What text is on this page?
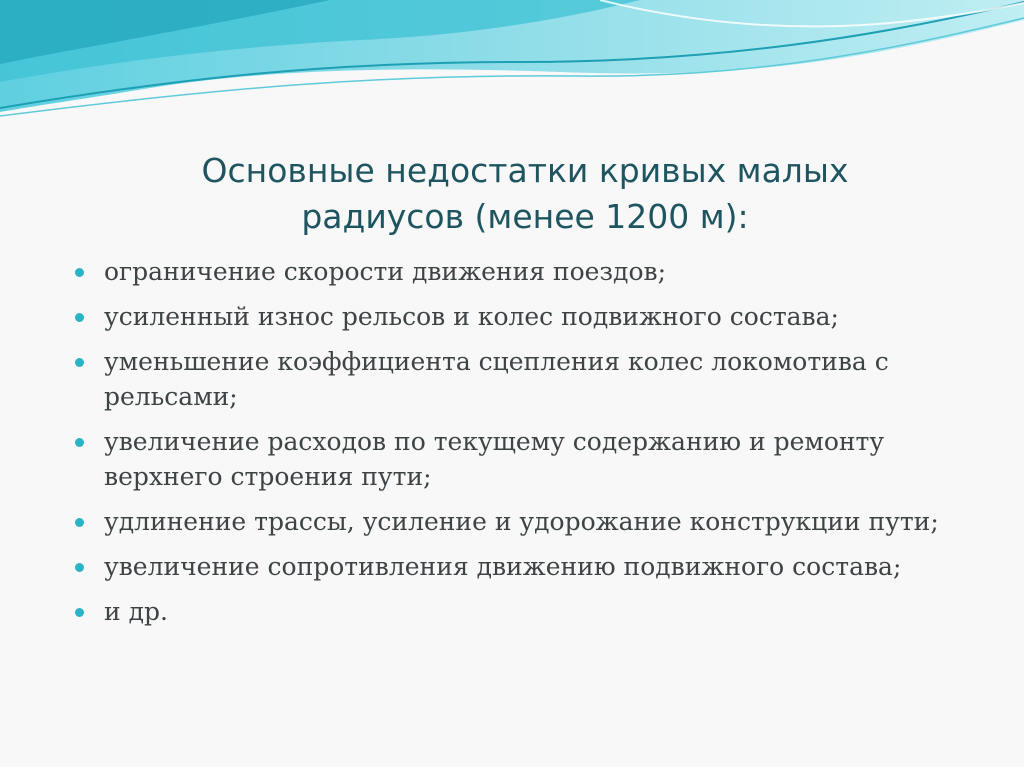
Основные недостатки кривых малых
радиусов (менее 1200 м):
ограничение скорости движения поездов;
усиленный износ рельсов и колес подвижного состава;
уменьшение коэффициента сцепления колес локомотива с рельсами;
увеличение расходов по текущему содержанию и ремонту верхнего строения пути;
удлинение трассы, усиление и удорожание конструкции пути;
увеличение сопротивления движению подвижного состава;
и др.
